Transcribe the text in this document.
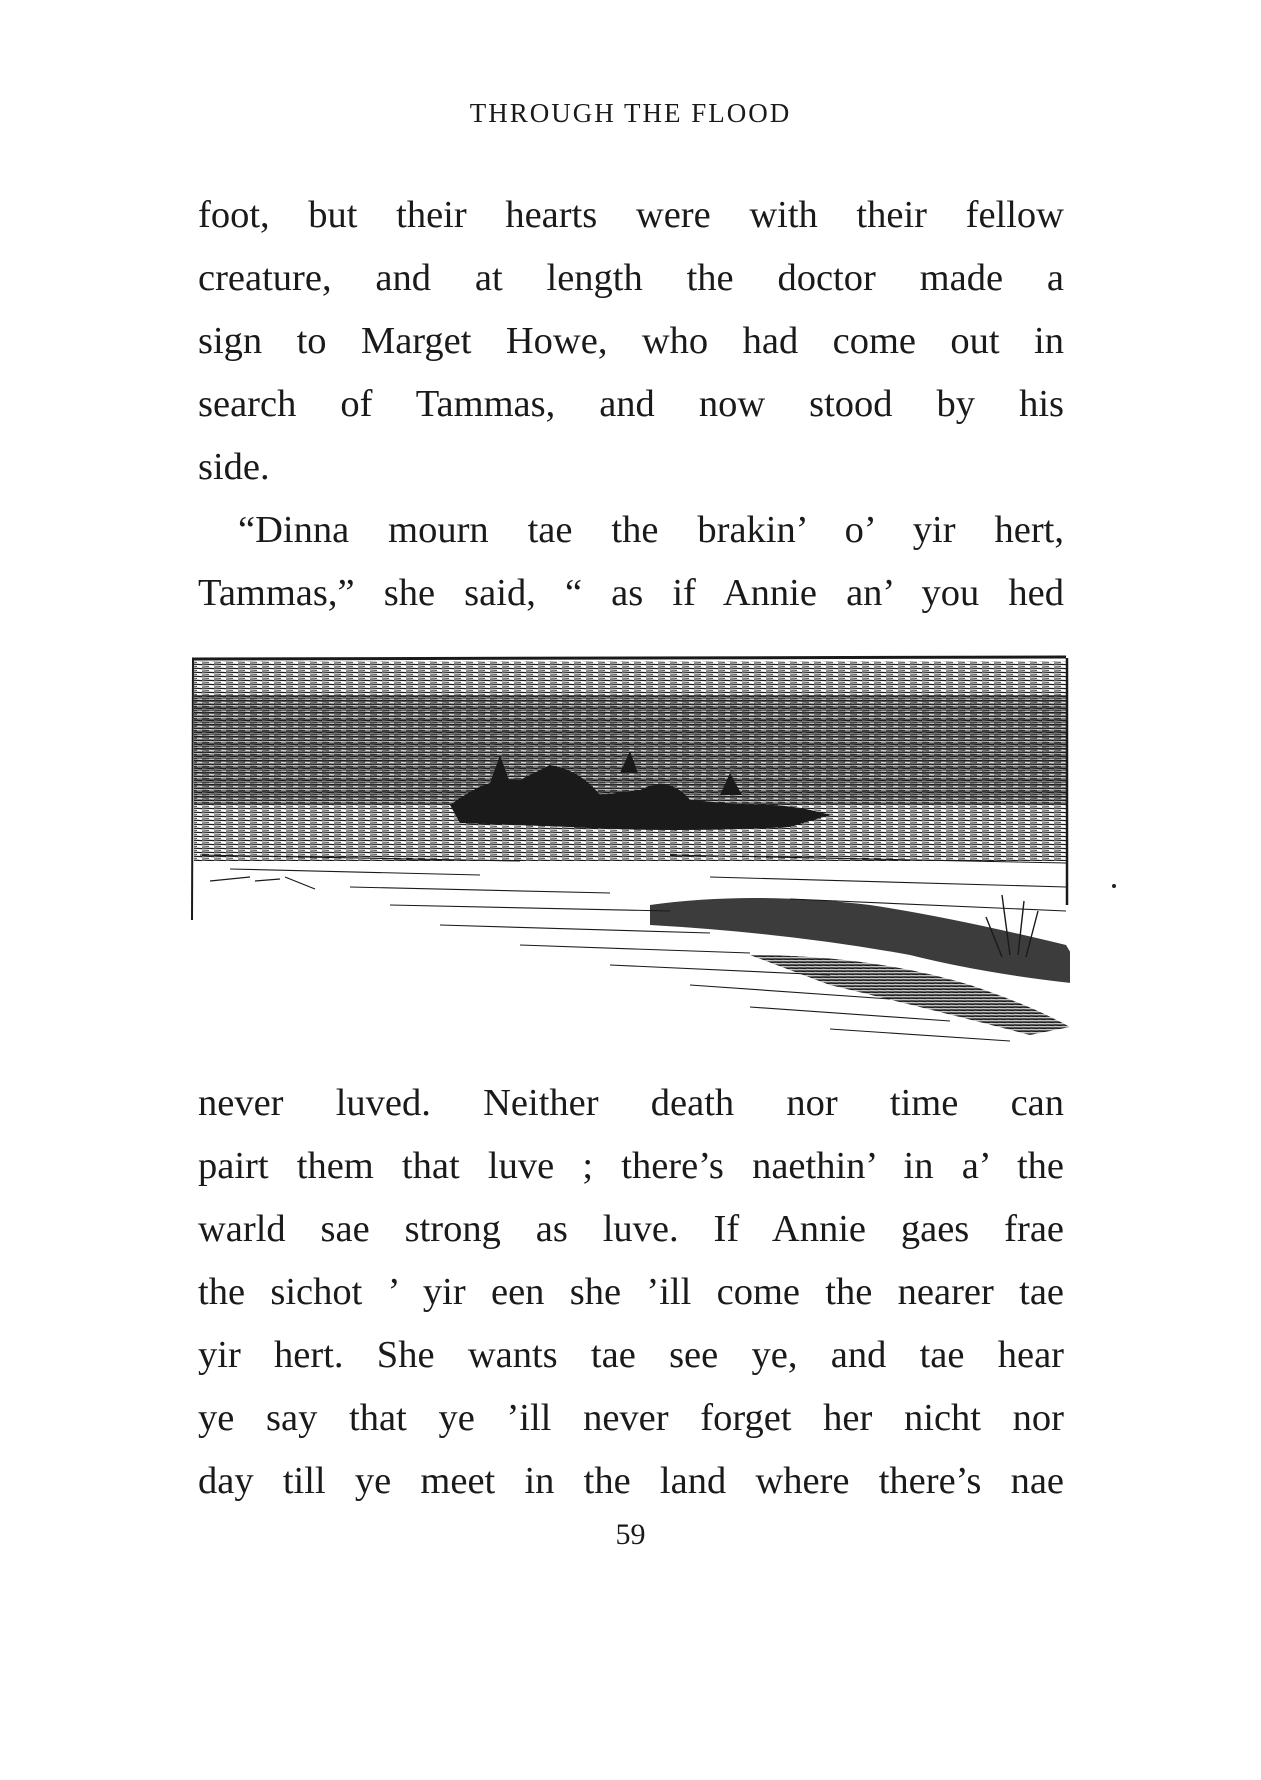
THROUGH THE FLOOD
foot, but their hearts were with their fellow
creature, and at length the doctor made a
sign to Marget Howe, who had come out in
search of Tammas, and now stood by his
side.
“Dinna mourn tae the brakin’ o’ yir hert,
Tammas,” she said, “ as if Annie an’ you hed
never luved. Neither death nor time can
pairt them that luve ; there’s naethin’ in a’ the
warld sae strong as luve. If Annie gaes frae
the sichot ’ yir een she ’ill come the nearer tae
yir hert. She wants tae see ye, and tae hear
ye say that ye ’ill never forget her nicht nor
day till ye meet in the land where there’s nae
59
